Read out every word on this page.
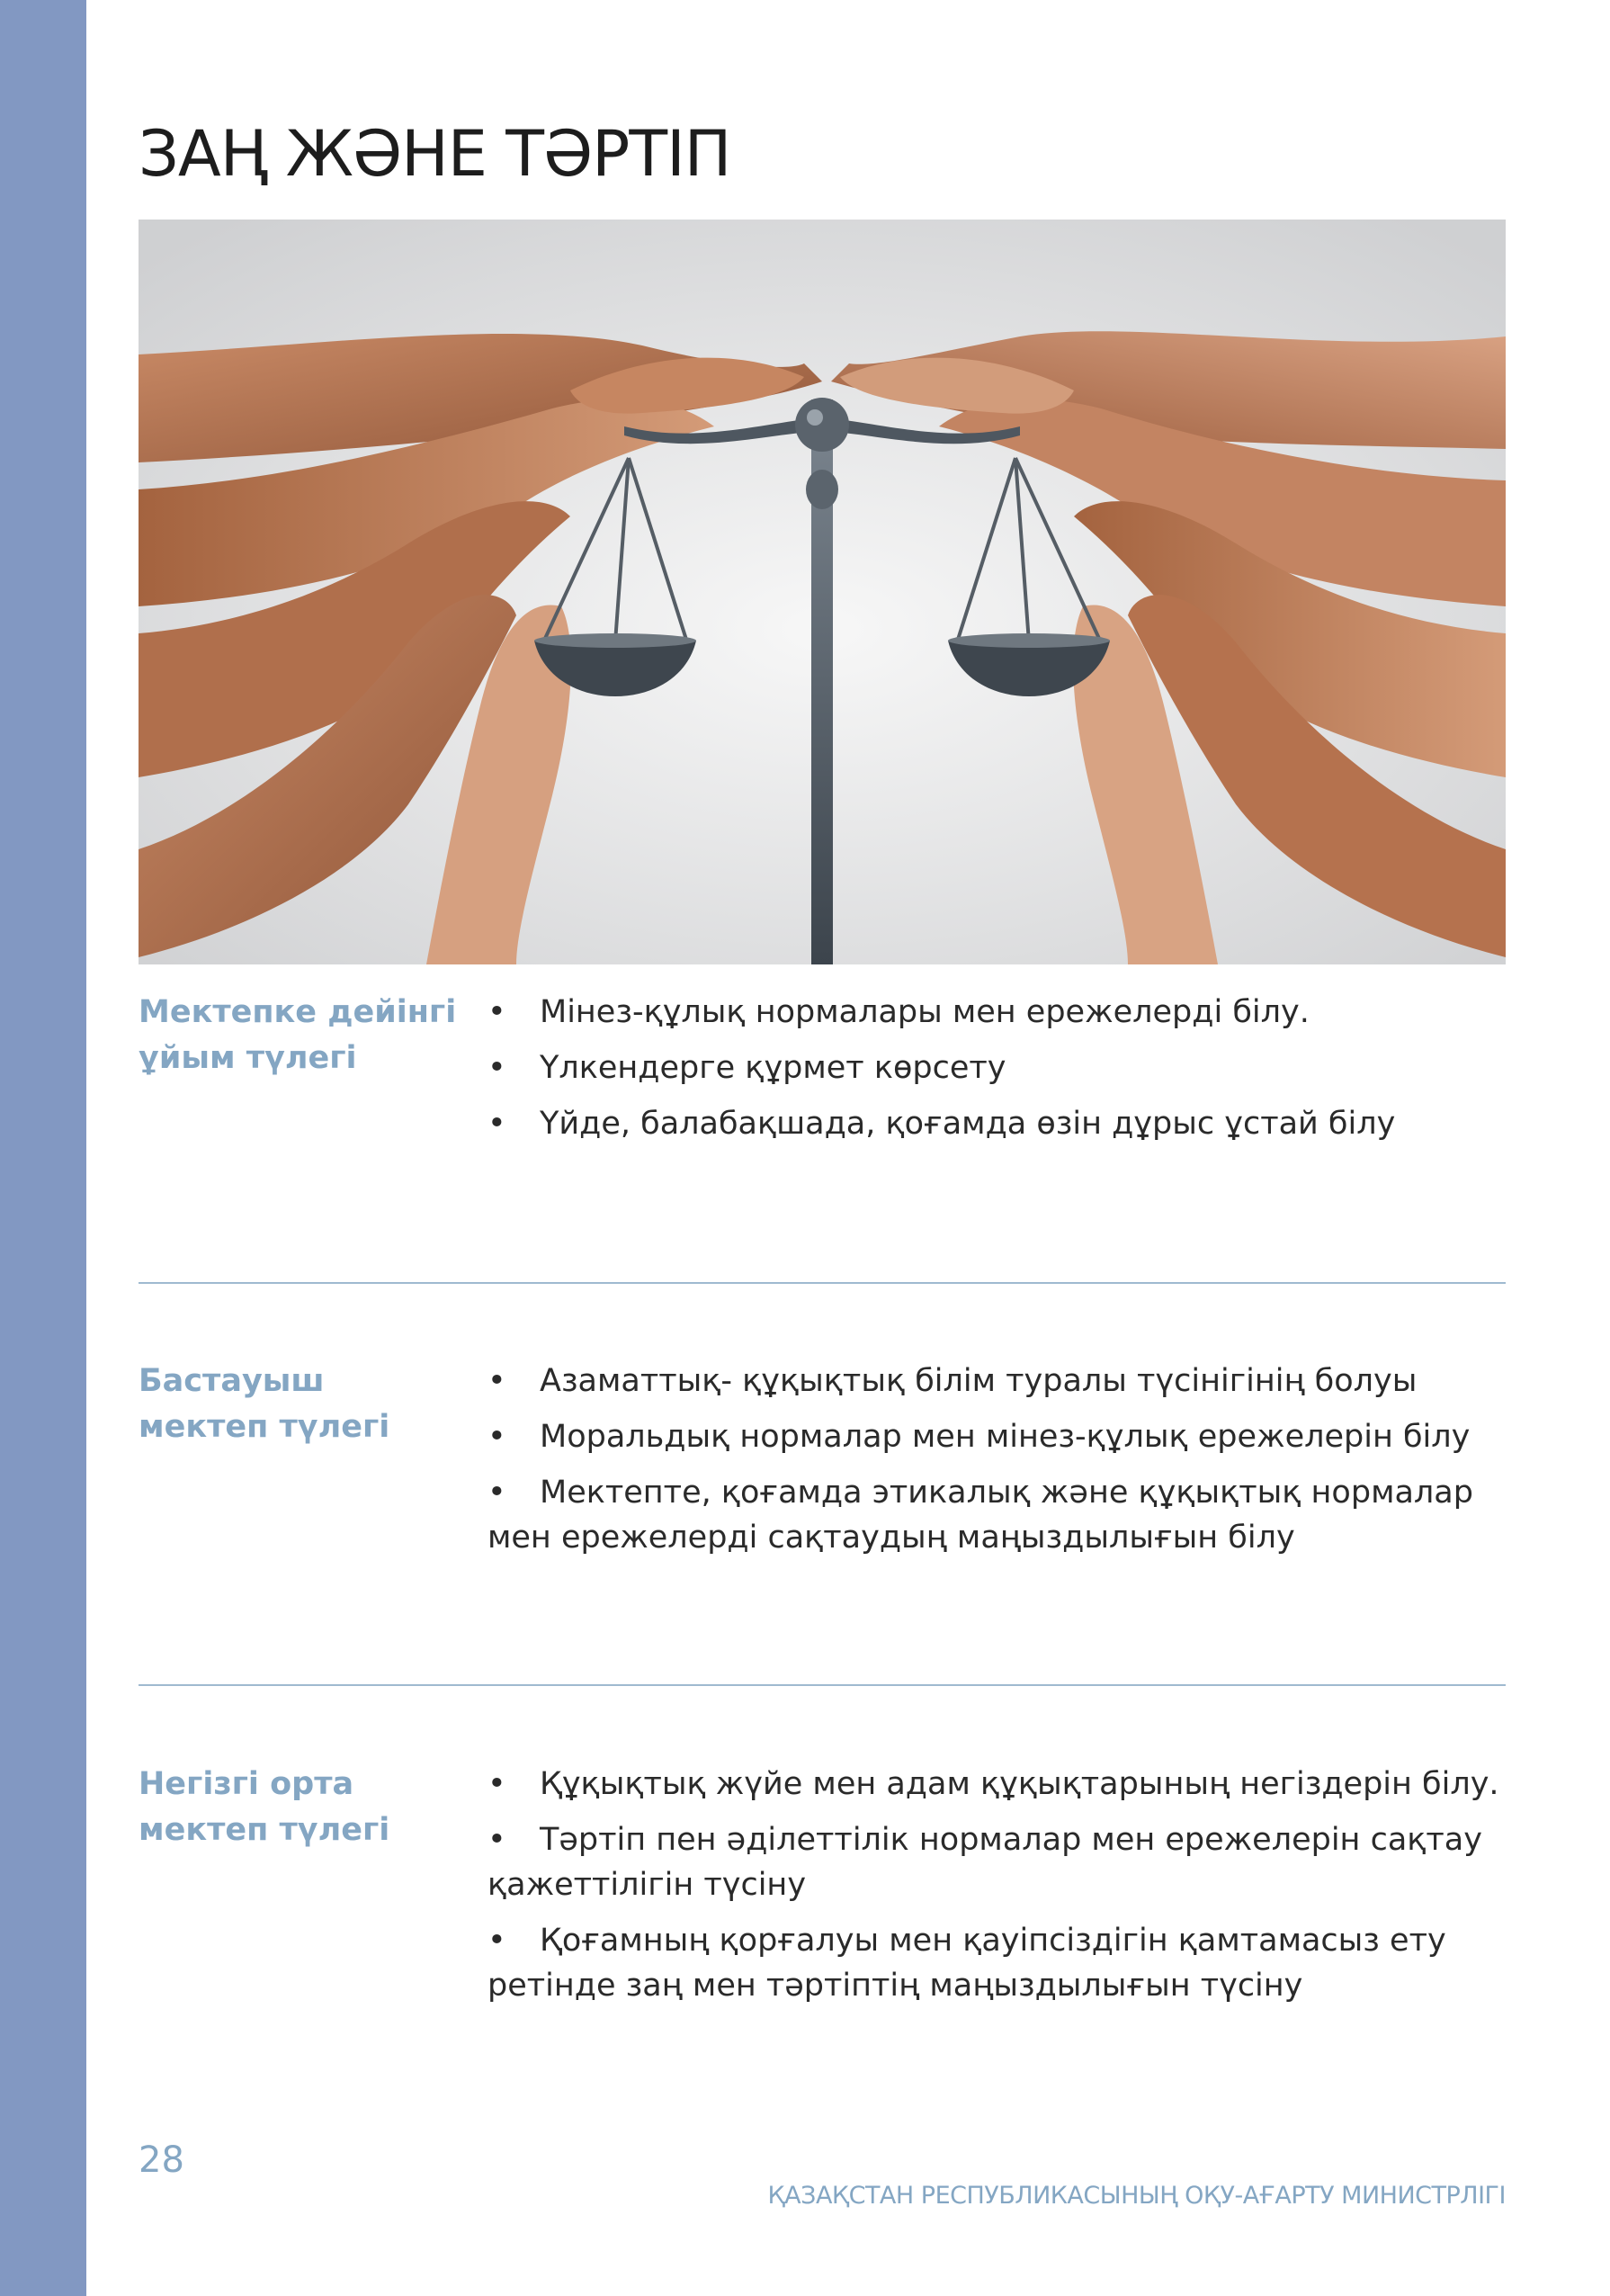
ЗАҢ ЖӘНЕ ТӘРТІП
Мектепке дейінгі ұйым түлегі
• Мінез-құлық нормалары мен ережелерді білу.
• Үлкендерге құрмет көрсету
• Үйде, балабақшада, қоғамда өзін дұрыс ұстай білу
Бастауыш мектеп түлегі
• Азаматтық- құқықтық білім туралы түсінігінің болуы
• Моральдық нормалар мен мінез-құлық ережелерін білу
• Мектепте, қоғамда этикалық және құқықтық нормалар мен ережелерді сақтаудың маңыздылығын білу
Негізгі орта мектеп түлегі
• Құқықтық жүйе мен адам құқықтарының негіздерін білу.
• Тәртіп пен әділеттілік нормалар мен ережелерін сақтау қажеттілігін түсіну
• Қоғамның қорғалуы мен қауіпсіздігін қамтамасыз ету ретінде заң мен тәртіптің маңыздылығын түсіну
28
ҚАЗАҚСТАН РЕСПУБЛИКАСЫНЫҢ ОҚУ-АҒАРТУ МИНИСТРЛІГІ
